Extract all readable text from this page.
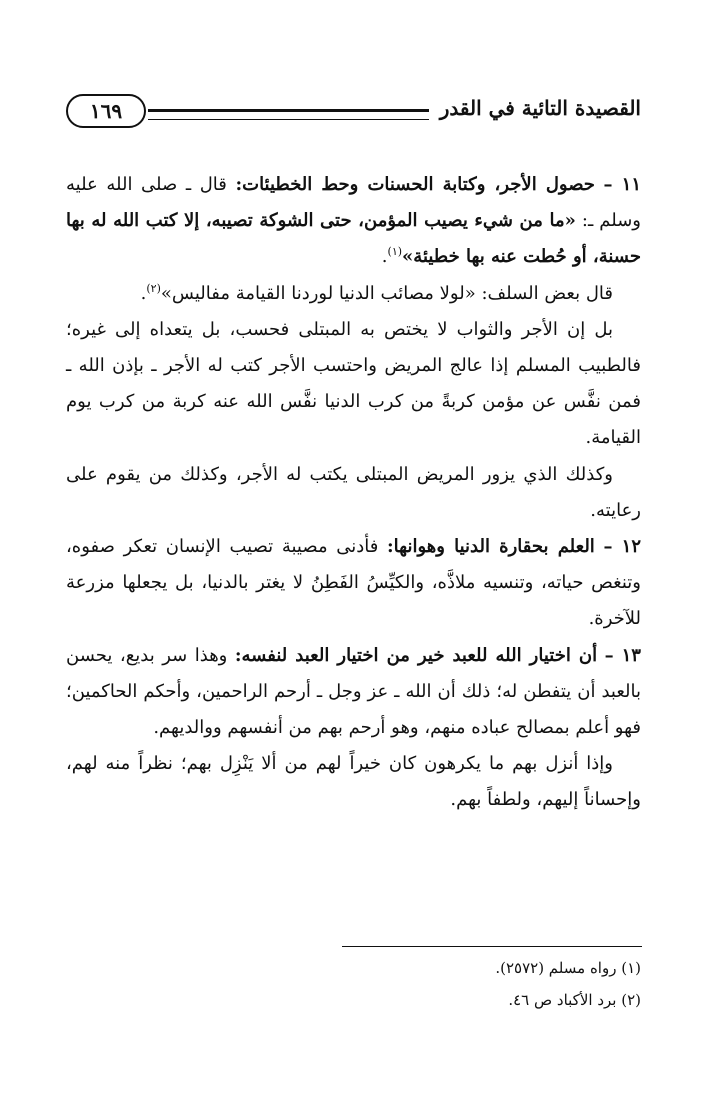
القصيدة التائية في القدر
١٦٩

١١ – حصول الأجر، وكتابة الحسنات وحط الخطيئات: قال ـ صلى الله عليه وسلم ـ: «ما من شيء يصيب المؤمن، حتى الشوكة تصيبه، إلا كتب الله له بها حسنة، أو حُطت عنه بها خطيئة»$^{(١)}$.

قال بعض السلف: «لولا مصائب الدنيا لوردنا القيامة مفاليس»$^{(٢)}$.

بل إن الأجر والثواب لا يختص به المبتلى فحسب، بل يتعداه إلى غيره؛ فالطبيب المسلم إذا عالج المريض واحتسب الأجر كتب له الأجر ـ بإذن الله ـ فمن نفَّس عن مؤمن كربةً من كرب الدنيا نفَّس الله عنه كربة من كرب يوم القيامة.

وكذلك الذي يزور المريض المبتلى يكتب له الأجر، وكذلك من يقوم على رعايته.

١٢ – العلم بحقارة الدنيا وهوانها: فأدنى مصيبة تصيب الإنسان تعكر صفوه، وتنغص حياته، وتنسيه ملاذَّه، والكيِّسُ الفَطِنُ لا يغتر بالدنيا، بل يجعلها مزرعة للآخرة.

١٣ – أن اختيار الله للعبد خير من اختيار العبد لنفسه: وهذا سر بديع، يحسن بالعبد أن يتفطن له؛ ذلك أن الله ـ عز وجل ـ أرحم الراحمين، وأحكم الحاكمين؛ فهو أعلم بمصالح عباده منهم، وهو أرحم بهم من أنفسهم ووالديهم.

وإذا أنزل بهم ما يكرهون كان خيراً لهم من ألا يَنْزِل بهم؛ نظراً منه لهم، وإحساناً إليهم، ولطفاً بهم.

(١) رواه مسلم (٢٥٧٢).

(٢) برد الأكباد ص ٤٦.
